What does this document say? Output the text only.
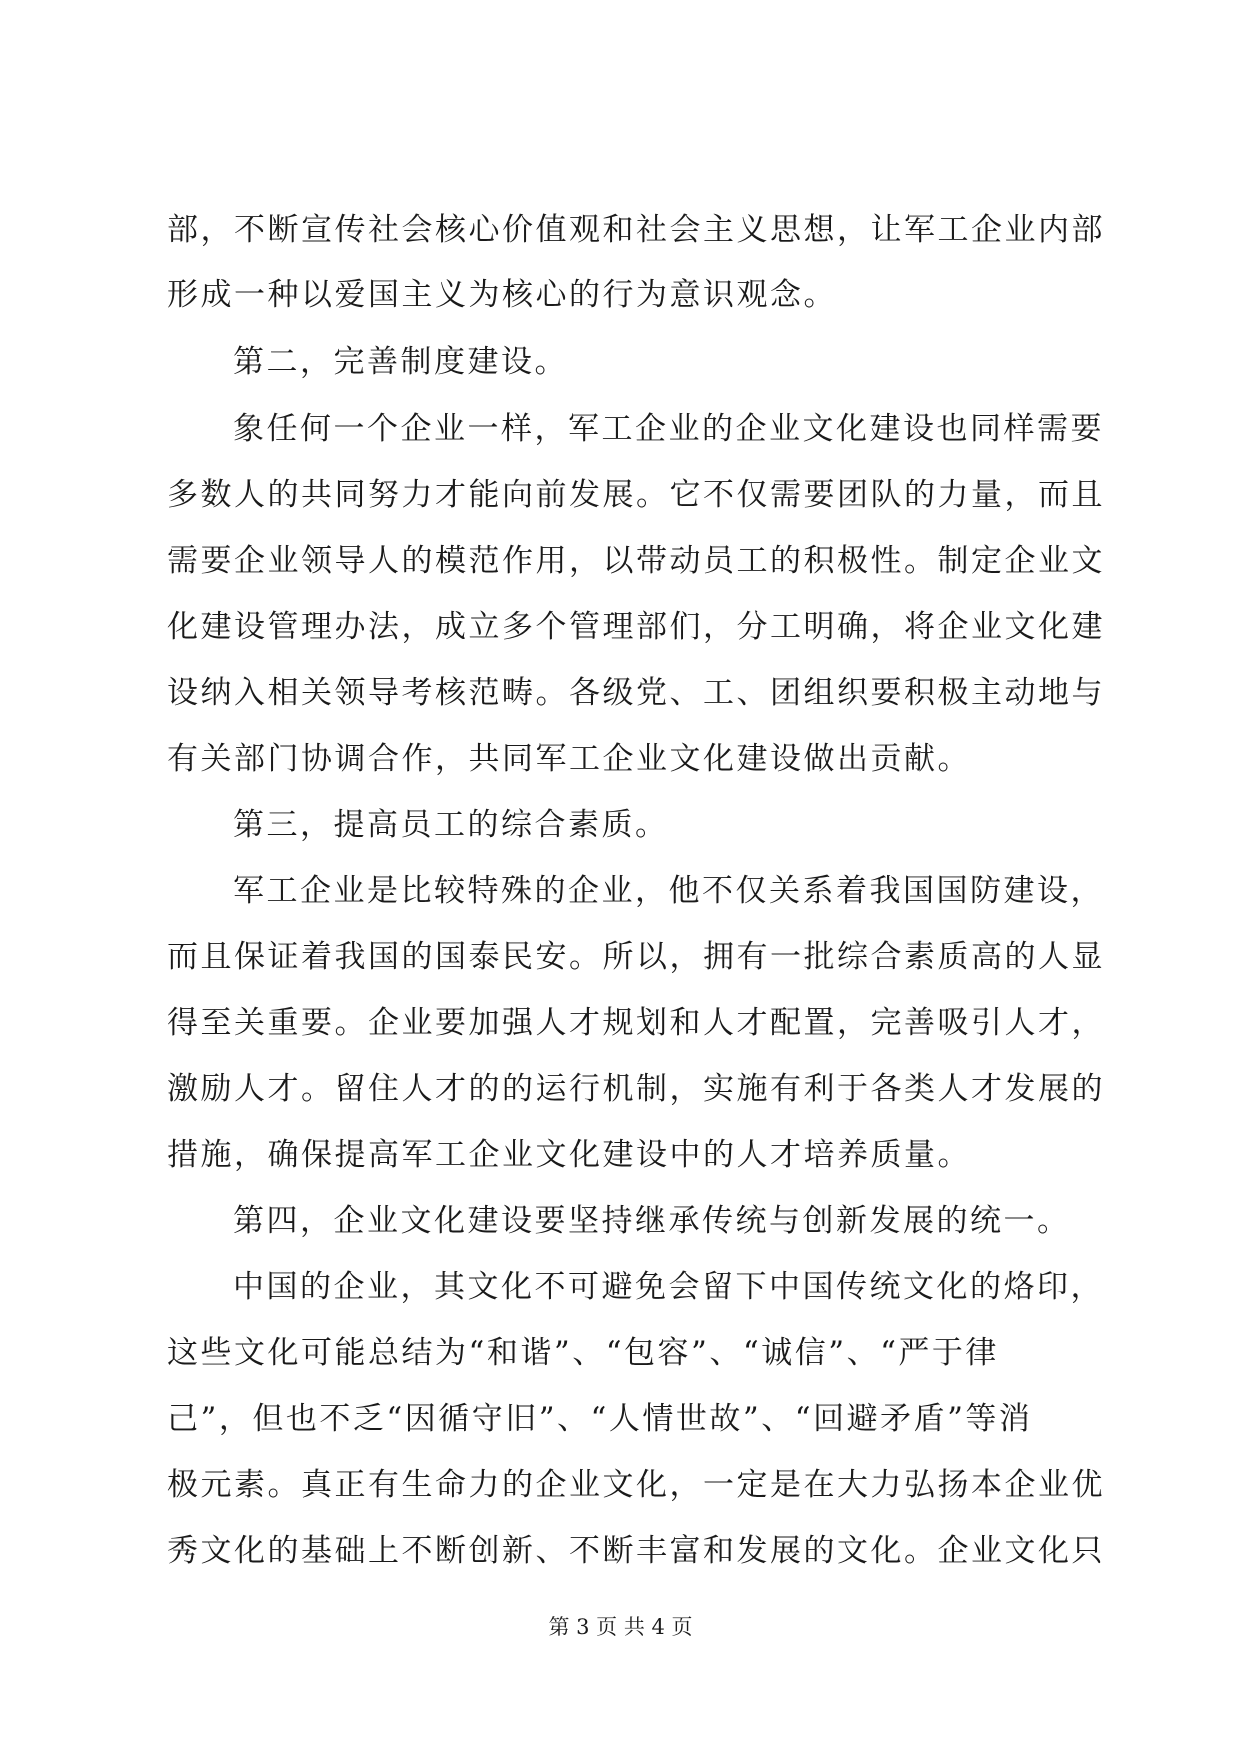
部，不断宣传社会核心价值观和社会主义思想，让军工企业内部
形成一种以爱国主义为核心的行为意识观念。
第二，完善制度建设。
象任何一个企业一样，军工企业的企业文化建设也同样需要
多数人的共同努力才能向前发展。它不仅需要团队的力量，而且
需要企业领导人的模范作用，以带动员工的积极性。制定企业文
化建设管理办法，成立多个管理部们，分工明确，将企业文化建
设纳入相关领导考核范畴。各级党、工、团组织要积极主动地与
有关部门协调合作，共同军工企业文化建设做出贡献。
第三，提高员工的综合素质。
军工企业是比较特殊的企业，他不仅关系着我国国防建设，
而且保证着我国的国泰民安。所以，拥有一批综合素质高的人显
得至关重要。企业要加强人才规划和人才配置，完善吸引人才，
激励人才。留住人才的的运行机制，实施有利于各类人才发展的
措施，确保提高军工企业文化建设中的人才培养质量。
第四，企业文化建设要坚持继承传统与创新发展的统一。
中国的企业，其文化不可避免会留下中国传统文化的烙印，
这些文化可能总结为“和谐”、“包容”、“诚信”、“严于律
己”，但也不乏“因循守旧”、“人情世故”、“回避矛盾”等消
极元素。真正有生命力的企业文化，一定是在大力弘扬本企业优
秀文化的基础上不断创新、不断丰富和发展的文化。企业文化只
第 3 页 共 4 页
